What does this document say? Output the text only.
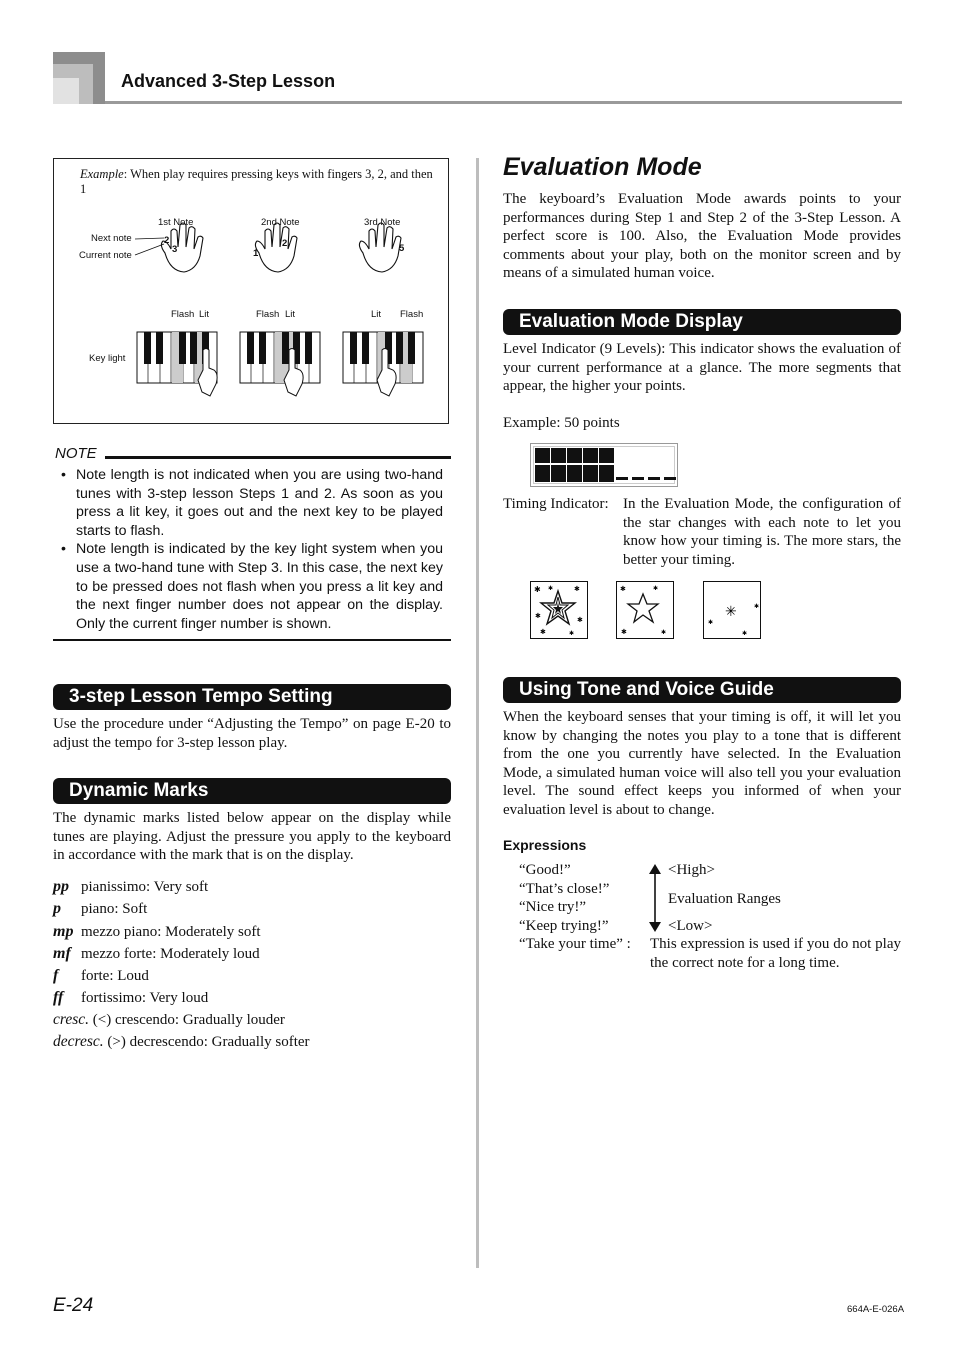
Advanced 3-Step Lesson
Example: When play requires pressing keys with fingers 3, 2, and then 1
1st Note	2nd Note	3rd Note
Next note
Current note
2
3	1
2	5
Key light
Flash Lit	Flash Lit	Lit Flash
NOTE
• Note length is not indicated when you are using two-hand tunes with 3-step lesson Steps 1 and 2. As soon as you press a lit key, it goes out and the next key to be played starts to flash.
• Note length is indicated by the key light system when you use a two-hand tune with Step 3. In this case, the next key to be pressed does not flash when you press a lit key and the next finger number does not appear on the display. Only the current finger number is shown.
3-step Lesson Tempo Setting
Use the procedure under “Adjusting the Tempo” on page E-20 to adjust the tempo for 3-step lesson play.
Dynamic Marks
The dynamic marks listed below appear on the display while tunes are playing. Adjust the pressure you apply to the keyboard in accordance with the mark that is on the display.
pp pianissimo: Very soft
p piano: Soft
mp mezzo piano: Moderately soft
mf mezzo forte: Moderately loud
f forte: Loud
ff fortissimo: Very loud
cresc. (<) crescendo: Gradually louder
decresc. (>) decrescendo: Gradually softer
Evaluation Mode
The keyboard’s Evaluation Mode awards points to your performances during Step 1 and Step 2 of the 3-Step Lesson. A perfect score is 100. Also, the Evaluation Mode provides comments about your play, both on the monitor screen and by means of a simulated human voice.
Evaluation Mode Display
Level Indicator (9 Levels): This indicator shows the evaluation of your current performance at a glance. The more segments that appear, the higher your points.
Example: 50 points
Timing Indicator: In the Evaluation Mode, the configuration of the star changes with each note to let you know how your timing is. The more stars, the better your timing.
✱ ✱	✱
✱	✱
✱	✱
✱	✱
✱	✱
✳	✱
✱
✱
Using Tone and Voice Guide
When the keyboard senses that your timing is off, it will let you know by changing the notes you play to a tone that is different from the one you currently have selected. In the Evaluation Mode, a simulated human voice will also tell you your evaluation level. The sound effect keeps you informed of when your evaluation level is about to change.
Expressions
“Good!”
“That’s close!”
“Nice try!”
“Keep trying!”
“Take your time” :
<High>
Evaluation Ranges
<Low>
This expression is used if you do not play the correct note for a long time.
E-24	664A-E-026A
